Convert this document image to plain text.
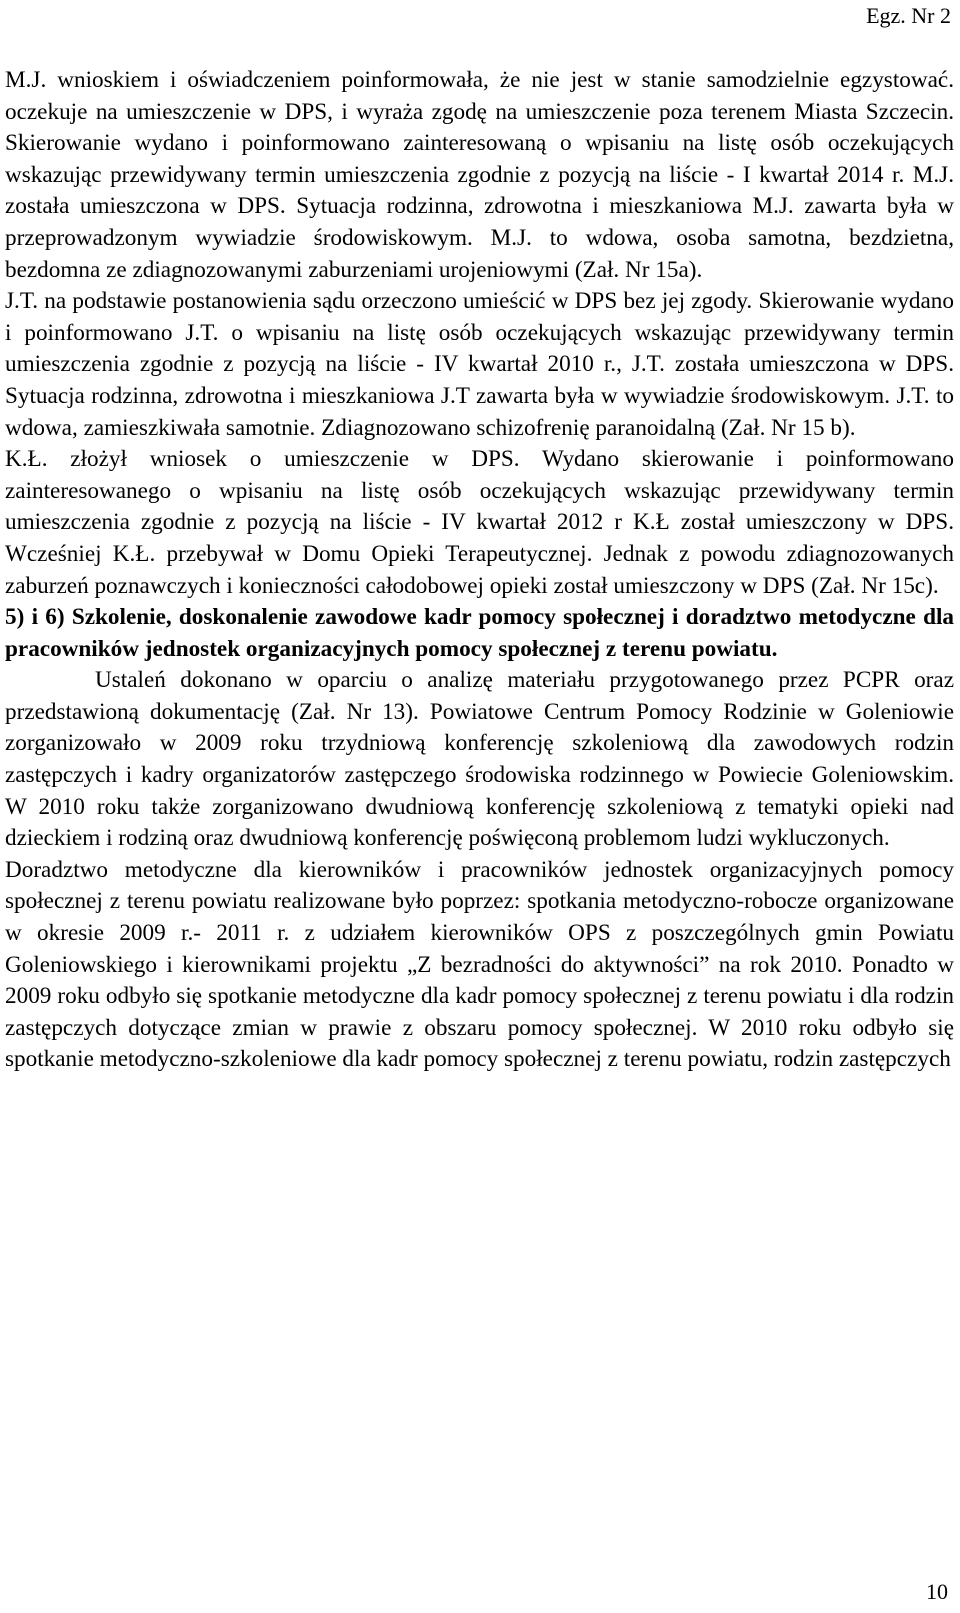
Egz. Nr 2

M.J. wnioskiem i oświadczeniem poinformowała, że nie jest w stanie samodzielnie egzystować. oczekuje na umieszczenie w DPS, i wyraża zgodę na umieszczenie poza terenem Miasta Szczecin. Skierowanie wydano i poinformowano zainteresowaną o wpisaniu na listę osób oczekujących wskazując przewidywany termin umieszczenia zgodnie z pozycją na liście - I kwartał 2014 r. M.J. została umieszczona w DPS. Sytuacja rodzinna, zdrowotna i mieszkaniowa M.J. zawarta była w przeprowadzonym wywiadzie środowiskowym. M.J. to wdowa, osoba samotna, bezdzietna, bezdomna ze zdiagnozowanymi zaburzeniami urojeniowymi (Zał. Nr 15a).

J.T. na podstawie postanowienia sądu orzeczono umieścić w DPS bez jej zgody. Skierowanie wydano i poinformowano J.T. o wpisaniu na listę osób oczekujących wskazując przewidywany termin umieszczenia zgodnie z pozycją na liście - IV kwartał 2010 r., J.T. została umieszczona w DPS. Sytuacja rodzinna, zdrowotna i mieszkaniowa J.T zawarta była w wywiadzie środowiskowym. J.T. to wdowa, zamieszkiwała samotnie. Zdiagnozowano schizofrenię paranoidalną (Zał. Nr 15 b).

K.Ł. złożył wniosek o umieszczenie w DPS. Wydano skierowanie i poinformowano zainteresowanego o wpisaniu na listę osób oczekujących wskazując przewidywany termin umieszczenia zgodnie z pozycją na liście - IV kwartał 2012 r K.Ł został umieszczony w DPS. Wcześniej K.Ł. przebywał w Domu Opieki Terapeutycznej. Jednak z powodu zdiagnozowanych zaburzeń poznawczych i konieczności całodobowej opieki został umieszczony w DPS (Zał. Nr 15c).

5) i 6) Szkolenie, doskonalenie zawodowe kadr pomocy społecznej i doradztwo metodyczne dla pracowników jednostek organizacyjnych pomocy społecznej z terenu powiatu.

Ustaleń dokonano w oparciu o analizę materiału przygotowanego przez PCPR oraz przedstawioną dokumentację (Zał. Nr 13). Powiatowe Centrum Pomocy Rodzinie w Goleniowie zorganizowało w 2009 roku trzydniową konferencję szkoleniową dla zawodowych rodzin zastępczych i kadry organizatorów zastępczego środowiska rodzinnego w Powiecie Goleniowskim. W 2010 roku także zorganizowano dwudniową konferencję szkoleniową z tematyki opieki nad dzieckiem i rodziną oraz dwudniową konferencję poświęconą problemom ludzi wykluczonych.

Doradztwo metodyczne dla kierowników i pracowników jednostek organizacyjnych pomocy społecznej z terenu powiatu realizowane było poprzez: spotkania metodyczno-robocze organizowane w okresie 2009 r.- 2011 r. z udziałem kierowników OPS z poszczególnych gmin Powiatu Goleniowskiego i kierownikami projektu „Z bezradności do aktywności” na rok 2010. Ponadto w 2009 roku odbyło się spotkanie metodyczne dla kadr pomocy społecznej z terenu powiatu i dla rodzin zastępczych dotyczące zmian w prawie z obszaru pomocy społecznej. W 2010 roku odbyło się spotkanie metodyczno-szkoleniowe dla kadr pomocy społecznej z terenu powiatu, rodzin zastępczych

10
